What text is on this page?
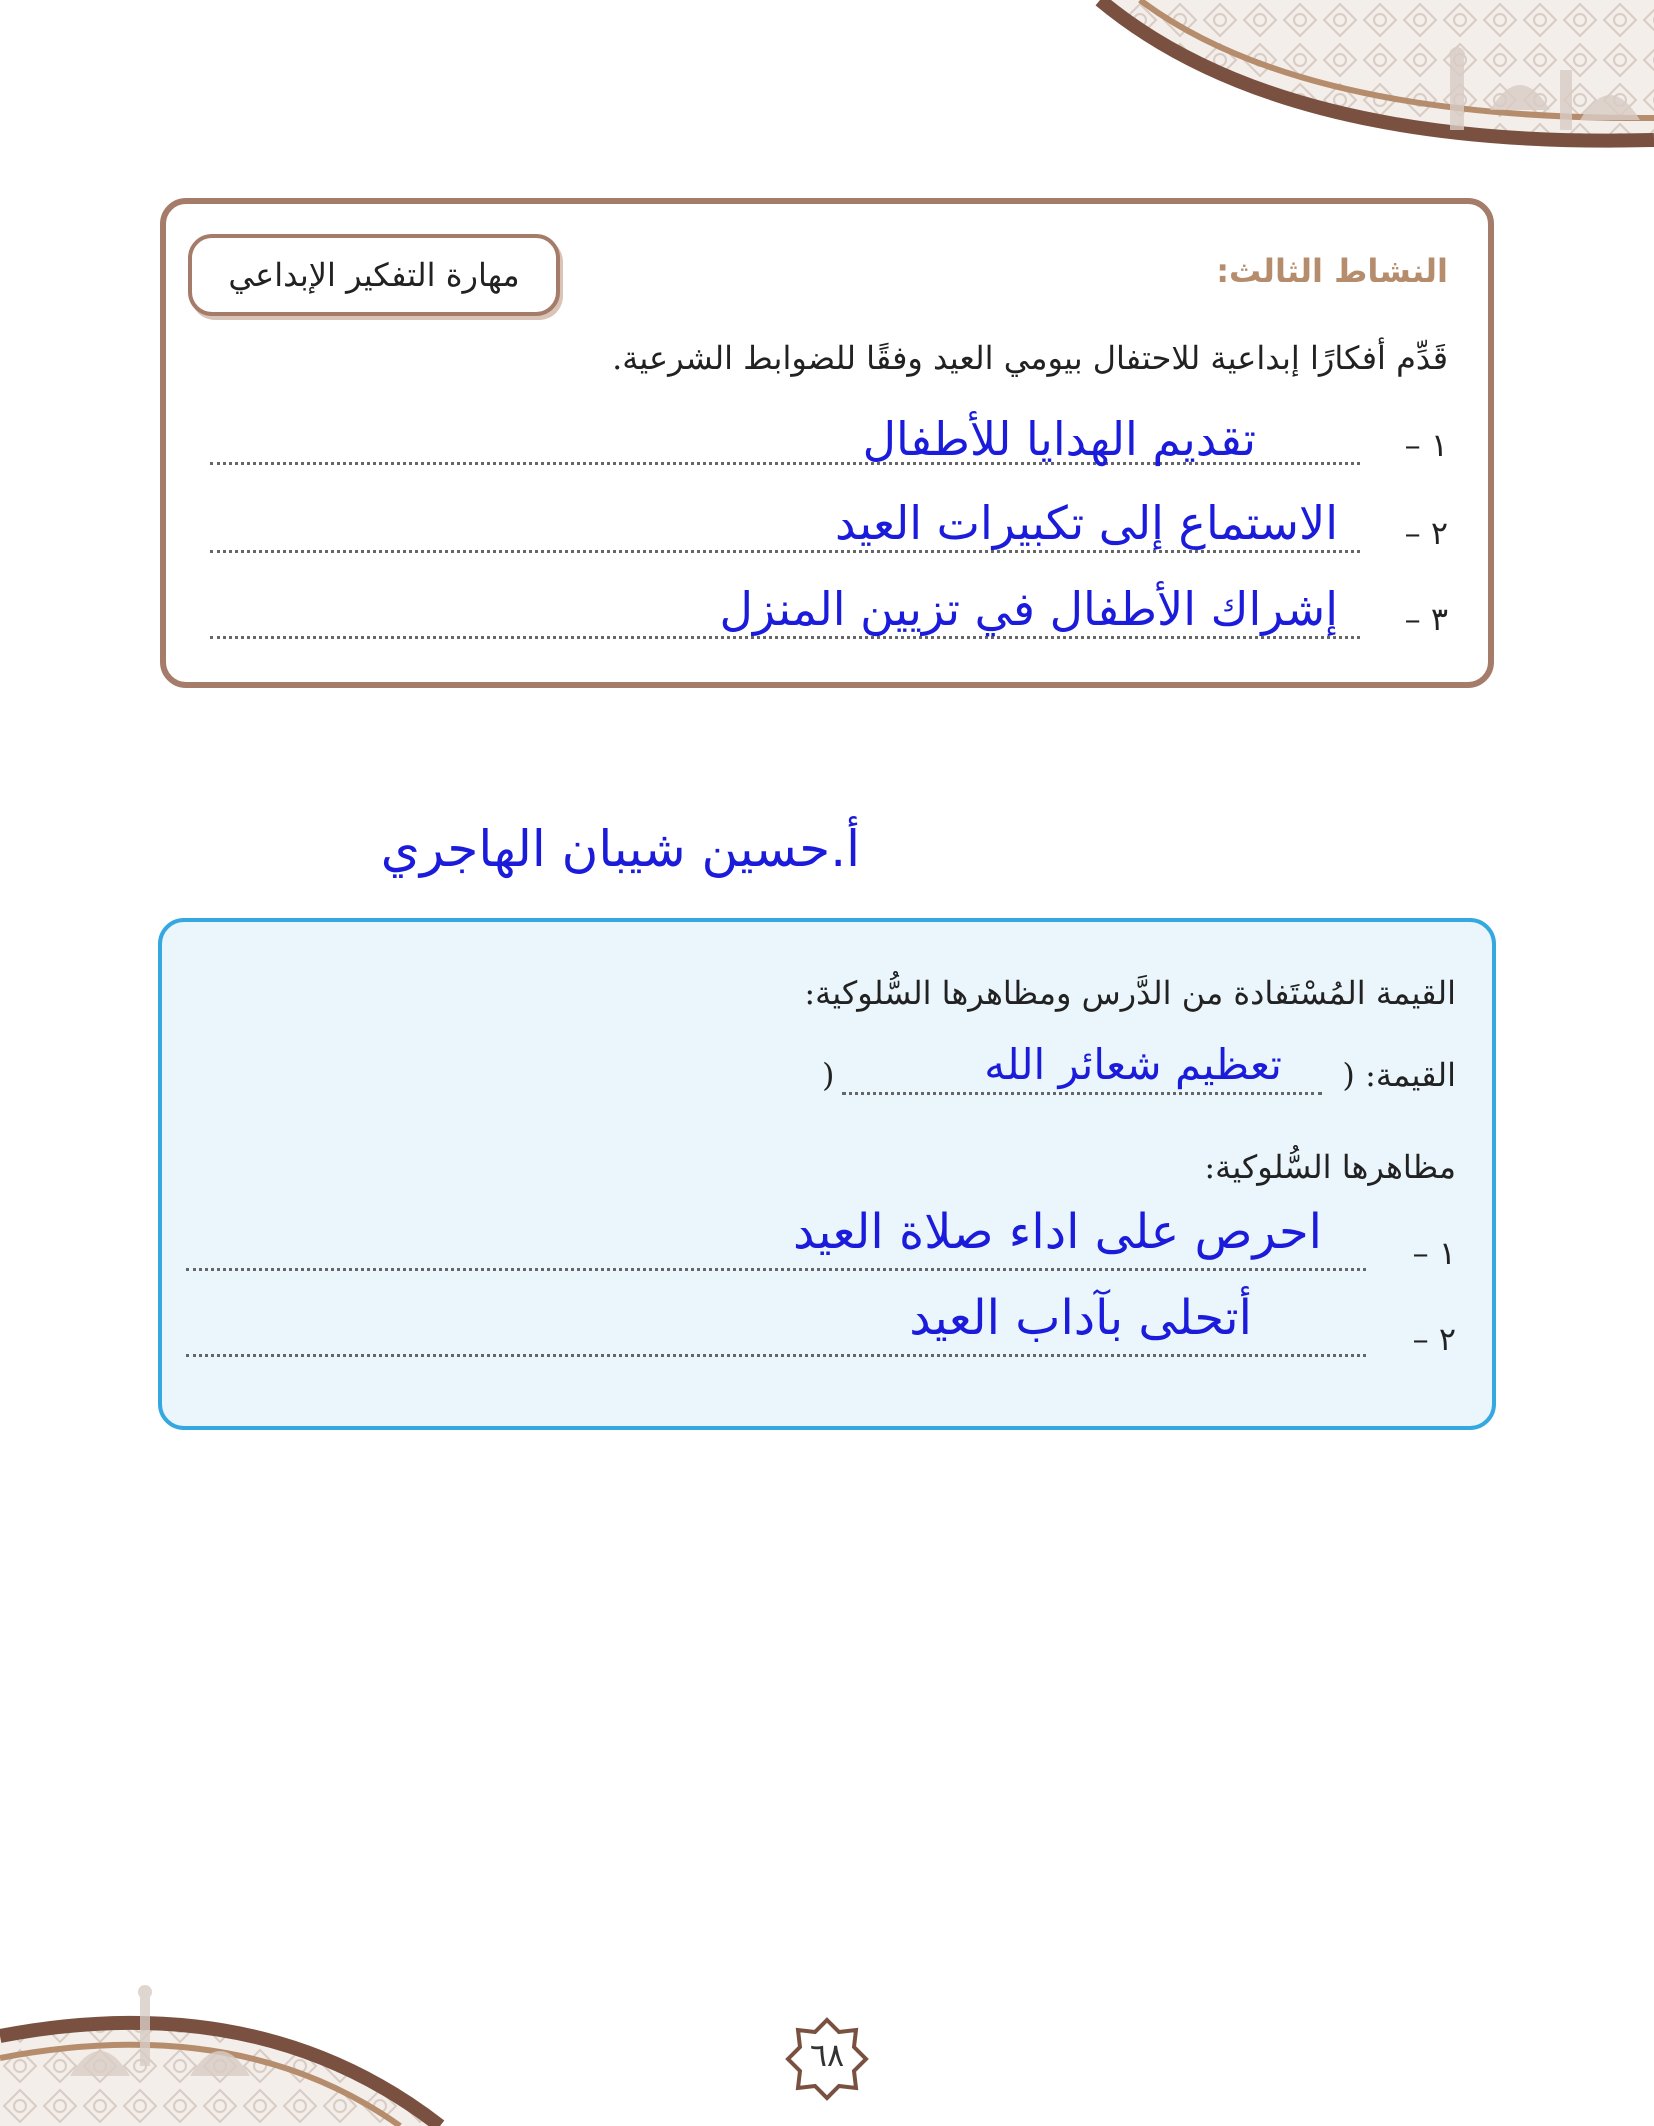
النشاط الثالث:
مهارة التفكير الإبداعي
قَدِّم أفكارًا إبداعية للاحتفال بيومي العيد وفقًا للضوابط الشرعية.
١ –
تقديم الهدايا للأطفال
٢ –
الاستماع إلى تكبيرات العيد
٣ –
إشراك الأطفال في تزيين المنزل
أ.حسين شيبان الهاجري
القيمة المُسْتَفادة من الدَّرس ومظاهرها السُّلوكية:
القيمة: (
)	تعظيم شعائر الله
مظاهرها السُّلوكية:
١ –
احرص على اداء صلاة العيد
٢ –
أتحلى بآداب العيد
٦٨
